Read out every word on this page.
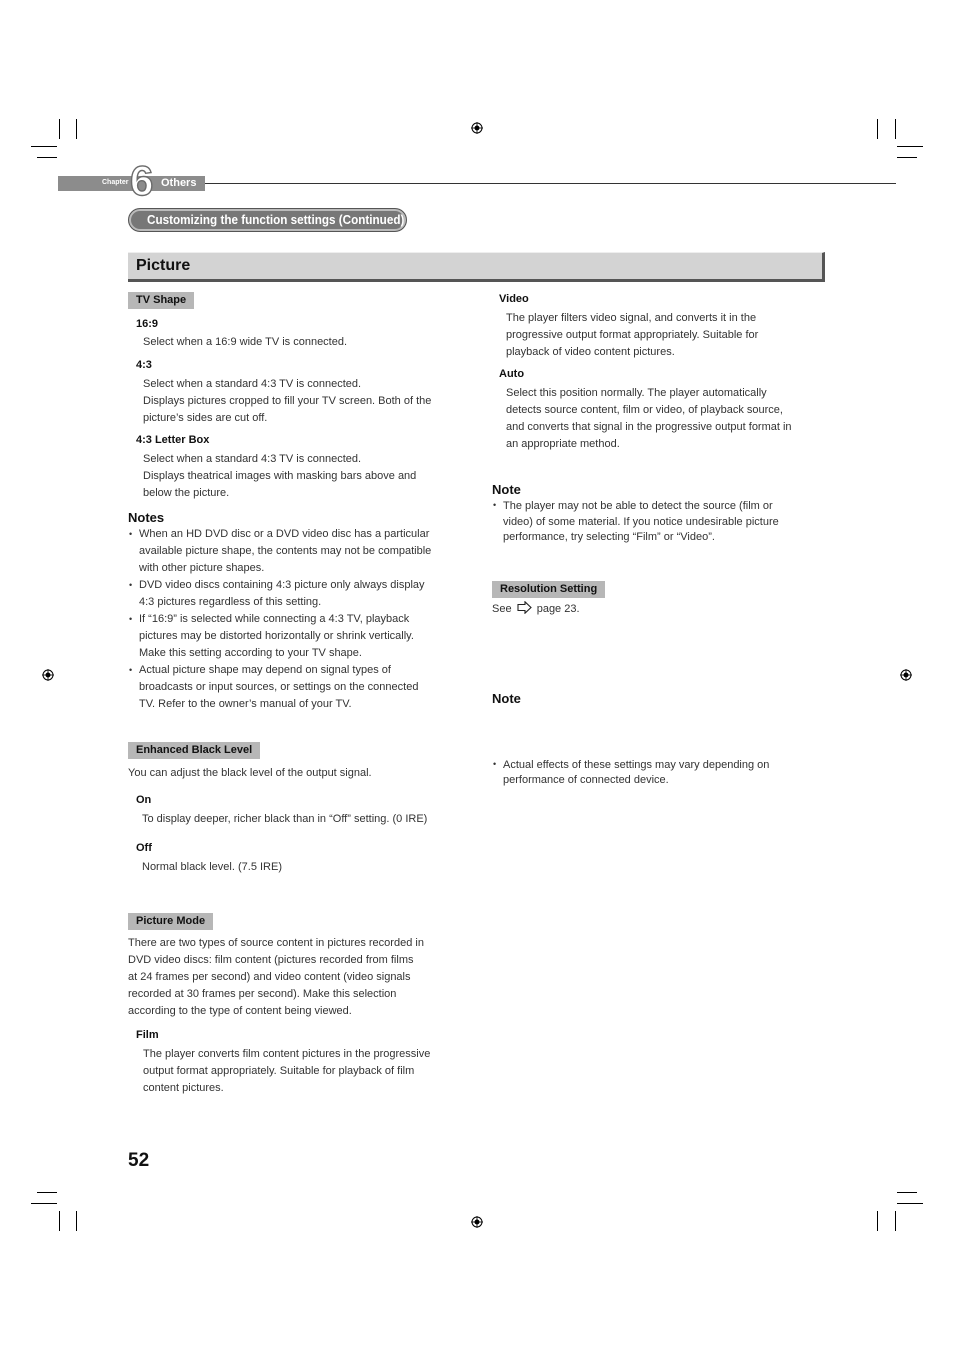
Chapter 6 Others
Customizing the function settings (Continued)
Picture
TV Shape
16:9
Select when a 16:9 wide TV is connected.
4:3
Select when a standard 4:3 TV is connected.
Displays pictures cropped to fill your TV screen. Both of the
picture’s sides are cut off.
4:3 Letter Box
Select when a standard 4:3 TV is connected.
Displays theatrical images with masking bars above and
below the picture.
Notes
• When an HD DVD disc or a DVD video disc has a particular
available picture shape, the contents may not be compatible
with other picture shapes.
• DVD video discs containing 4:3 picture only always display
4:3 pictures regardless of this setting.
• If “16:9” is selected while connecting a 4:3 TV, playback
pictures may be distorted horizontally or shrink vertically.
Make this setting according to your TV shape.
• Actual picture shape may depend on signal types of
broadcasts or input sources, or settings on the connected
TV. Refer to the owner’s manual of your TV.
Enhanced Black Level
You can adjust the black level of the output signal.
On
To display deeper, richer black than in “Off” setting. (0 IRE)
Off
Normal black level. (7.5 IRE)
Picture Mode
There are two types of source content in pictures recorded in
DVD video discs: film content (pictures recorded from films
at 24 frames per second) and video content (video signals
recorded at 30 frames per second). Make this selection
according to the type of content being viewed.
Film
The player converts film content pictures in the progressive
output format appropriately. Suitable for playback of film
content pictures.
Video
The player filters video signal, and converts it in the
progressive output format appropriately. Suitable for
playback of video content pictures.
Auto
Select this position normally. The player automatically
detects source content, film or video, of playback source,
and converts that signal in the progressive output format in
an appropriate method.
Note
• The player may not be able to detect the source (film or
video) of some material. If you notice undesirable picture
performance, try selecting “Film” or “Video”.
Resolution Setting
See page 23.
Note
• Actual effects of these settings may vary depending on
performance of connected device.
52
